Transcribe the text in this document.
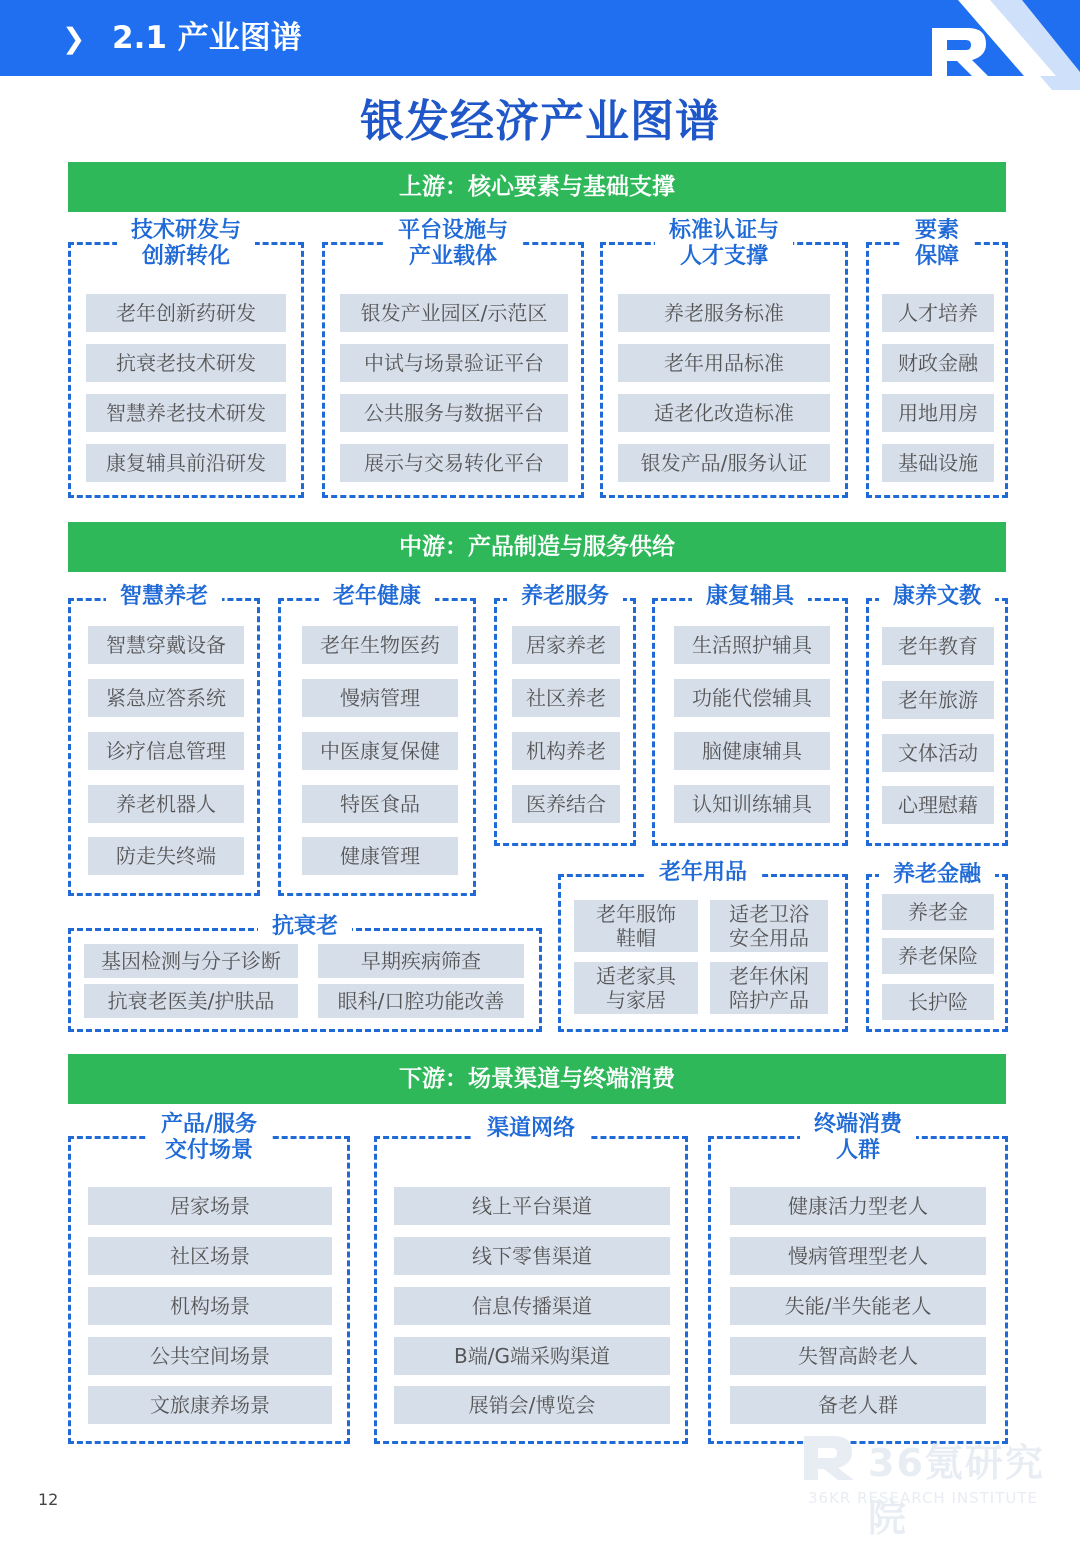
❯ 2.1 产业图谱
银发经济产业图谱
上游：核心要素与基础支撑
中游：产品制造与服务供给
下游：场景渠道与终端消费
技术研发与
创新转化
老年创新药研发
抗衰老技术研发
智慧养老技术研发
康复辅具前沿研发
平台设施与
产业载体
银发产业园区/示范区
中试与场景验证平台
公共服务与数据平台
展示与交易转化平台
标准认证与
人才支撑
养老服务标准
老年用品标准
适老化改造标准
银发产品/服务认证
要素
保障
人才培养
财政金融
用地用房
基础设施
智慧养老
智慧穿戴设备
紧急应答系统
诊疗信息管理
养老机器人
防走失终端
老年健康
老年生物医药
慢病管理
中医康复保健
特医食品
健康管理
养老服务
居家养老
社区养老
机构养老
医养结合
康复辅具
生活照护辅具
功能代偿辅具
脑健康辅具
认知训练辅具
康养文教
老年教育
老年旅游
文体活动
心理慰藉
抗衰老
基因检测与分子诊断	早期疾病筛查
抗衰老医美/护肤品	眼科/口腔功能改善
老年用品
老年服饰
鞋帽
适老卫浴
安全用品
适老家具
与家居
老年休闲
陪护产品
养老金融
养老金
养老保险
长护险
产品/服务
交付场景
居家场景
社区场景
机构场景
公共空间场景
文旅康养场景
渠道网络
线上平台渠道
线下零售渠道
信息传播渠道
B端/G端采购渠道
展销会/博览会
终端消费
人群
健康活力型老人
慢病管理型老人
失能/半失能老人
失智高龄老人
备老人群
12
36氪研究院
36KR RESEARCH INSTITUTE
